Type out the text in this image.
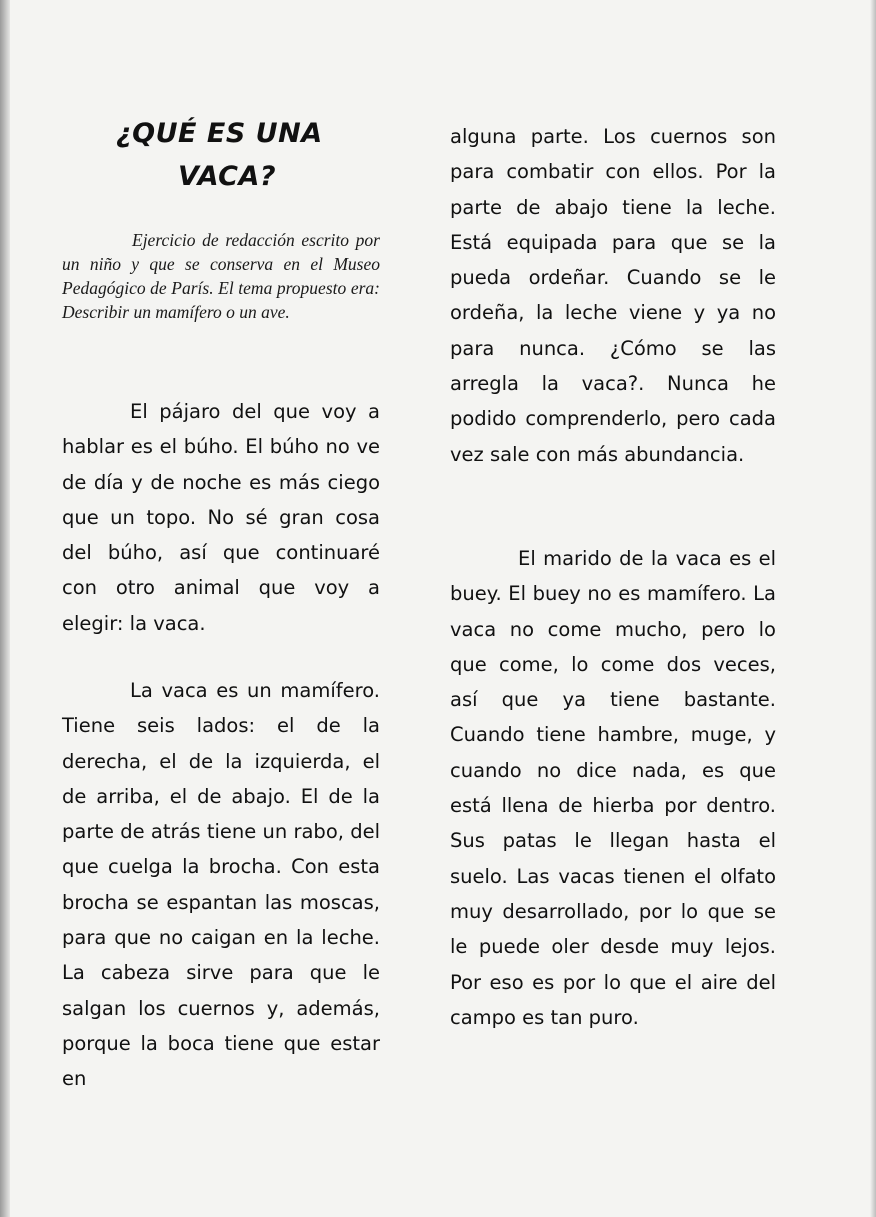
¿QUÉ ES UNA
VACA?

Ejercicio de redacción escrito por un niño y que se conserva en el Museo Pedagógico de París. El tema propuesto era: Describir un mamífero o un ave.

El pájaro del que voy a hablar es el búho. El búho no ve de día y de noche es más ciego que un topo. No sé gran cosa del búho, así que continuaré con otro animal que voy a elegir: la vaca.

La vaca es un mamífero. Tiene seis lados: el de la derecha, el de la izquierda, el de arriba, el de abajo. El de la parte de atrás tiene un rabo, del que cuelga la brocha. Con esta brocha se espantan las moscas, para que no caigan en la leche. La cabeza sirve para que le salgan los cuernos y, además, porque la boca tiene que estar en

alguna parte. Los cuernos son para combatir con ellos. Por la parte de abajo tiene la leche. Está equipada para que se la pueda ordeñar. Cuando se le ordeña, la leche viene y ya no para nunca. ¿Cómo se las arregla la vaca?. Nunca he podido comprenderlo, pero cada vez sale con más abundancia.

El marido de la vaca es el buey. El buey no es mamífero. La vaca no come mucho, pero lo que come, lo come dos veces, así que ya tiene bastante. Cuando tiene hambre, muge, y cuando no dice nada, es que está llena de hierba por dentro. Sus patas le llegan hasta el suelo. Las vacas tienen el olfato muy desarrollado, por lo que se le puede oler desde muy lejos. Por eso es por lo que el aire del campo es tan puro.
